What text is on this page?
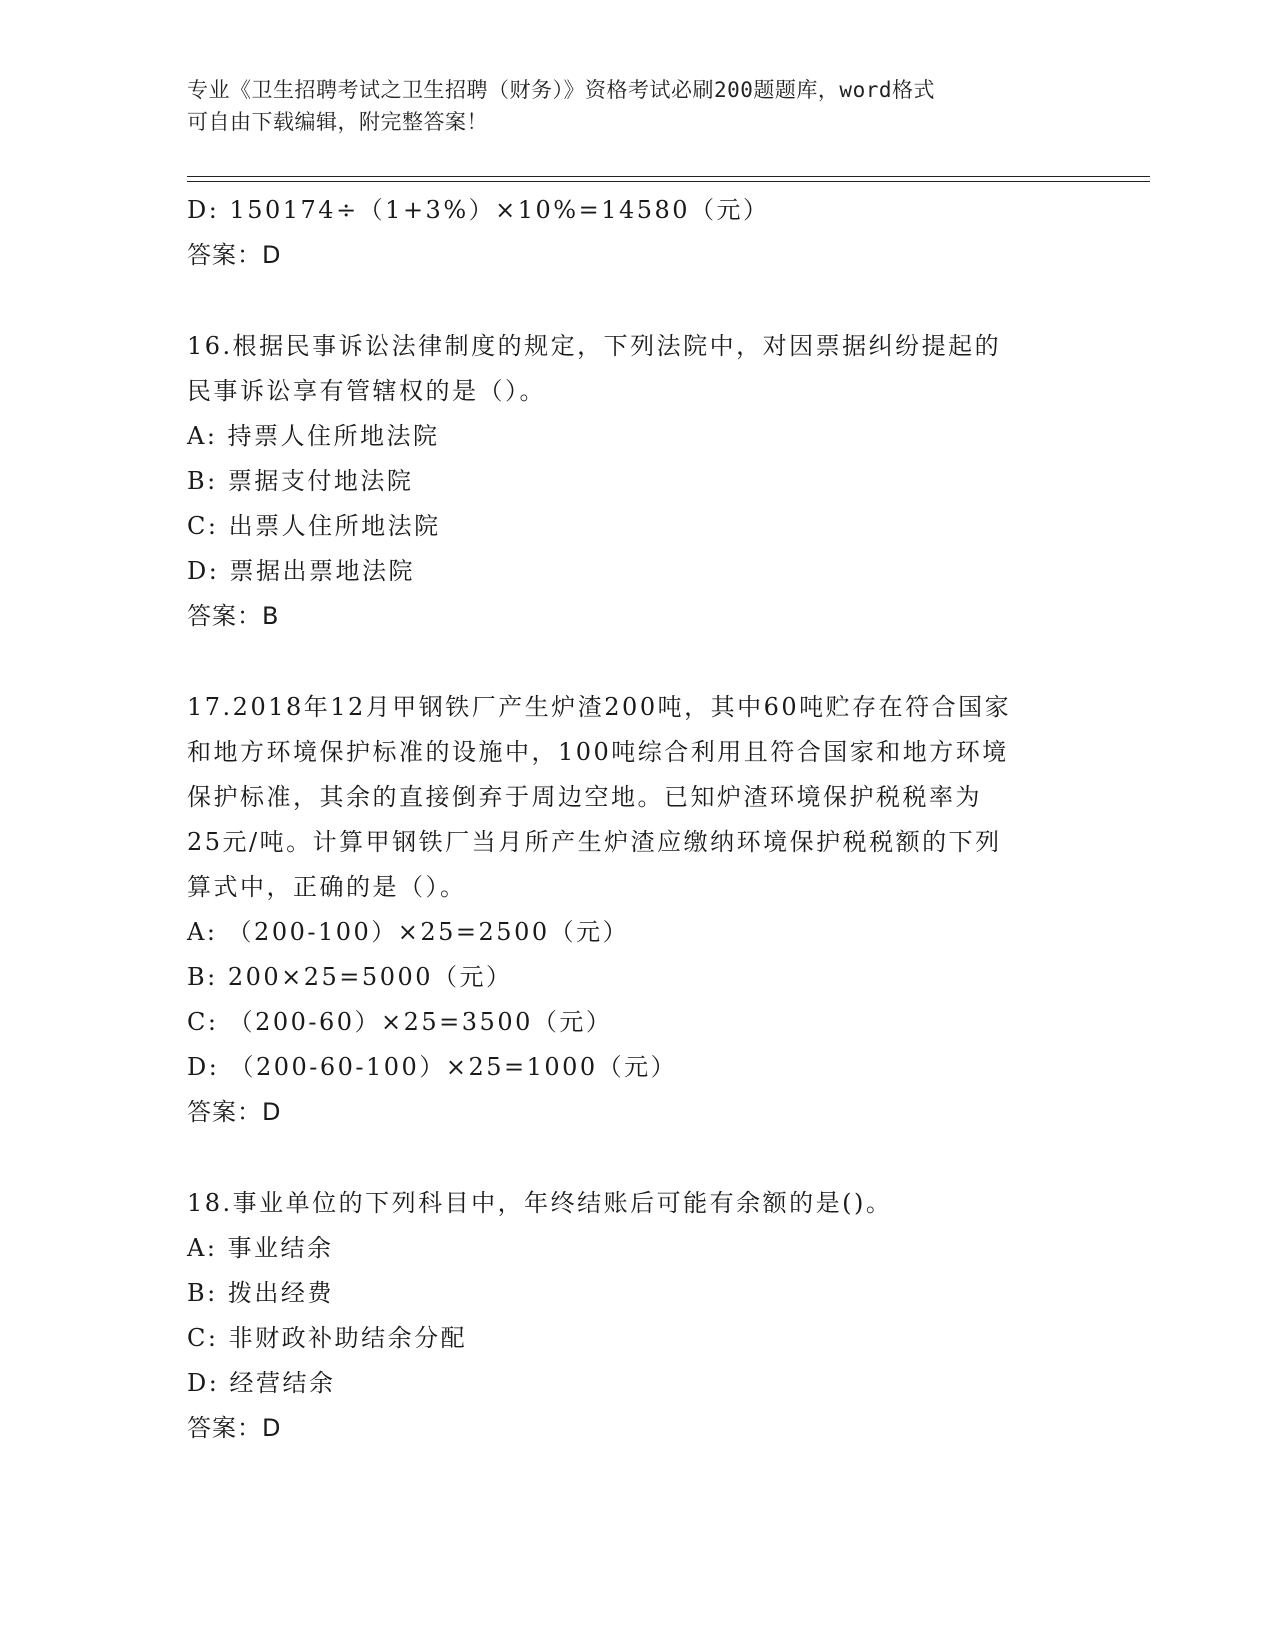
专业《卫生招聘考试之卫生招聘（财务）》资格考试必刷200题题库，word格式
可自由下载编辑，附完整答案！
D: 150174÷（1+3%）×10%=14580（元）
答案：D
16.根据民事诉讼法律制度的规定，下列法院中，对因票据纠纷提起的
民事诉讼享有管辖权的是（）。
A: 持票人住所地法院
B: 票据支付地法院
C: 出票人住所地法院
D: 票据出票地法院
答案：B
17.2018年12月甲钢铁厂产生炉渣200吨，其中60吨贮存在符合国家
和地方环境保护标准的设施中，100吨综合利用且符合国家和地方环境
保护标准，其余的直接倒弃于周边空地。已知炉渣环境保护税税率为
25元/吨。计算甲钢铁厂当月所产生炉渣应缴纳环境保护税税额的下列
算式中，正确的是（）。
A: （200-100）×25=2500（元）
B: 200×25=5000（元）
C: （200-60）×25=3500（元）
D: （200-60-100）×25=1000（元）
答案：D
18.事业单位的下列科目中，年终结账后可能有余额的是()。
A: 事业结余
B: 拨出经费
C: 非财政补助结余分配
D: 经营结余
答案：D
